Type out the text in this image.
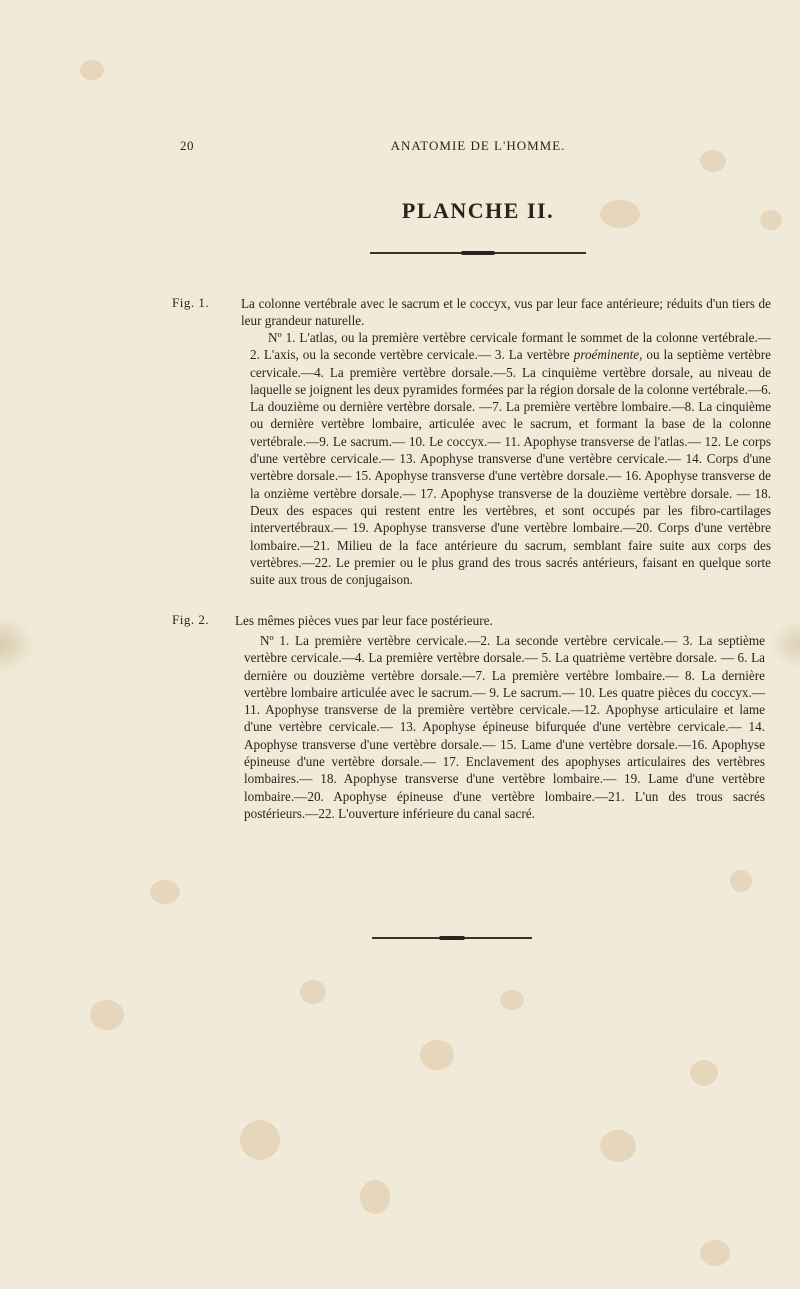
20	ANATOMIE DE L'HOMME.
PLANCHE II.
Fig. 1. La colonne vertébrale avec le sacrum et le coccyx, vus par leur face antérieure; réduits d'un tiers de leur grandeur naturelle.
Nº 1. L'atlas, ou la première vertèbre cervicale formant le sommet de la colonne vertébrale.—2. L'axis, ou la seconde vertèbre cervicale.— 3. La vertèbre proéminente, ou la septième vertèbre cervicale.—4. La première vertèbre dorsale.—5. La cinquième vertèbre dorsale, au niveau de laquelle se joignent les deux pyramides formées par la région dorsale de la colonne vertébrale.—6. La douzième ou dernière vertèbre dorsale. —7. La première vertèbre lombaire.—8. La cinquième ou dernière vertèbre lombaire, articulée avec le sacrum, et formant la base de la colonne vertébrale.—9. Le sacrum.— 10. Le coccyx.— 11. Apophyse transverse de l'atlas.— 12. Le corps d'une vertèbre cervicale.— 13. Apophyse transverse d'une vertèbre cervicale.— 14. Corps d'une vertèbre dorsale.— 15. Apophyse transverse d'une vertèbre dorsale.— 16. Apophyse transverse de la onzième vertèbre dorsale.— 17. Apophyse transverse de la douzième vertèbre dorsale. — 18. Deux des espaces qui restent entre les vertèbres, et sont occupés par les fibro-cartilages intervertébraux.— 19. Apophyse transverse d'une vertèbre lombaire.—20. Corps d'une vertèbre lombaire.—21. Milieu de la face antérieure du sacrum, semblant faire suite aux corps des vertèbres.—22. Le premier ou le plus grand des trous sacrés antérieurs, faisant en quelque sorte suite aux trous de conjugaison.
Fig. 2. Les mêmes pièces vues par leur face postérieure.
Nº 1. La première vertèbre cervicale.—2. La seconde vertèbre cervicale.— 3. La septième vertèbre cervicale.—4. La première vertèbre dorsale.— 5. La quatrième vertèbre dorsale. — 6. La dernière ou douzième vertèbre dorsale.—7. La première vertèbre lombaire.— 8. La dernière vertèbre lombaire articulée avec le sacrum.— 9. Le sacrum.— 10. Les quatre pièces du coccyx.— 11. Apophyse transverse de la première vertèbre cervicale.—12. Apophyse articulaire et lame d'une vertèbre cervicale.— 13. Apophyse épineuse bifurquée d'une vertèbre cervicale.— 14. Apophyse transverse d'une vertèbre dorsale.— 15. Lame d'une vertèbre dorsale.—16. Apophyse épineuse d'une vertèbre dorsale.— 17. Enclavement des apophyses articulaires des vertèbres lombaires.— 18. Apophyse transverse d'une vertèbre lombaire.— 19. Lame d'une vertèbre lombaire.—20. Apophyse épineuse d'une vertèbre lombaire.—21. L'un des trous sacrés postérieurs.—22. L'ouverture inférieure du canal sacré.
